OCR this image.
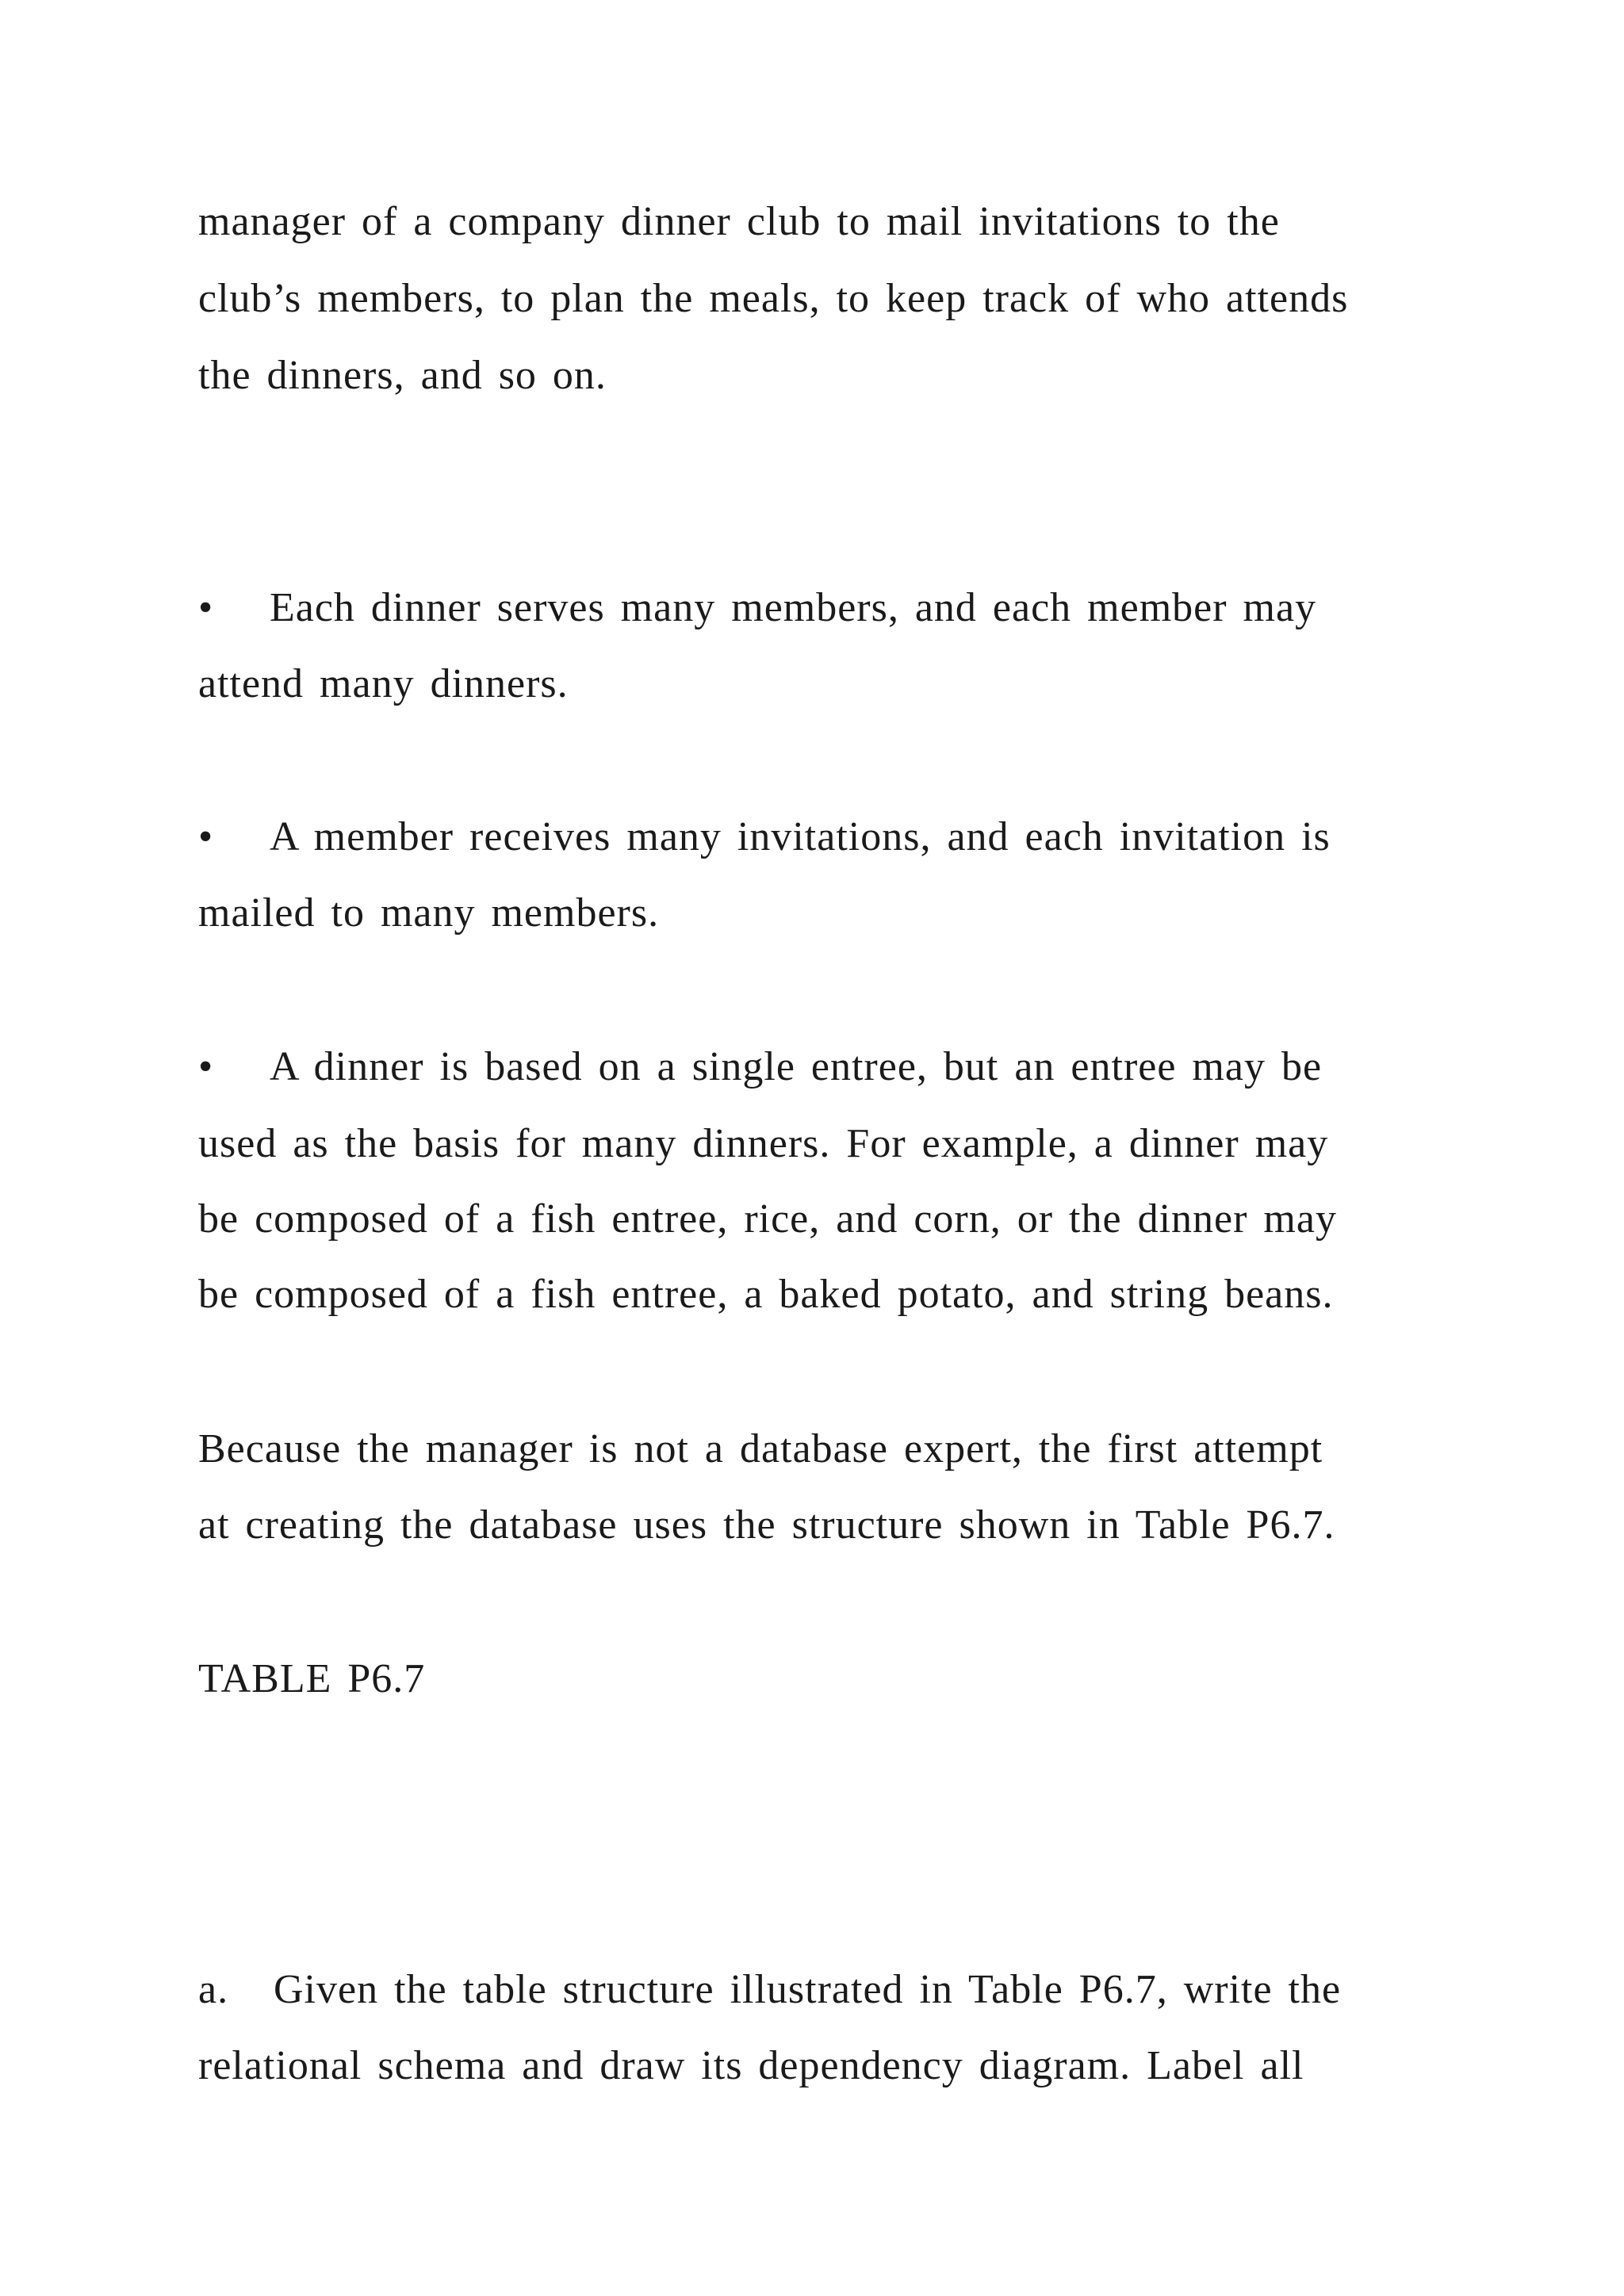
manager of a company dinner club to mail invitations to the
club’s members, to plan the meals, to keep track of who attends
the dinners, and so on.
• Each dinner serves many members, and each member may
attend many dinners.
• A member receives many invitations, and each invitation is
mailed to many members.
• A dinner is based on a single entree, but an entree may be
used as the basis for many dinners. For example, a dinner may
be composed of a fish entree, rice, and corn, or the dinner may
be composed of a fish entree, a baked potato, and string beans.
Because the manager is not a database expert, the first attempt
at creating the database uses the structure shown in Table P6.7.
TABLE P6.7
a. Given the table structure illustrated in Table P6.7, write the
relational schema and draw its dependency diagram. Label all
